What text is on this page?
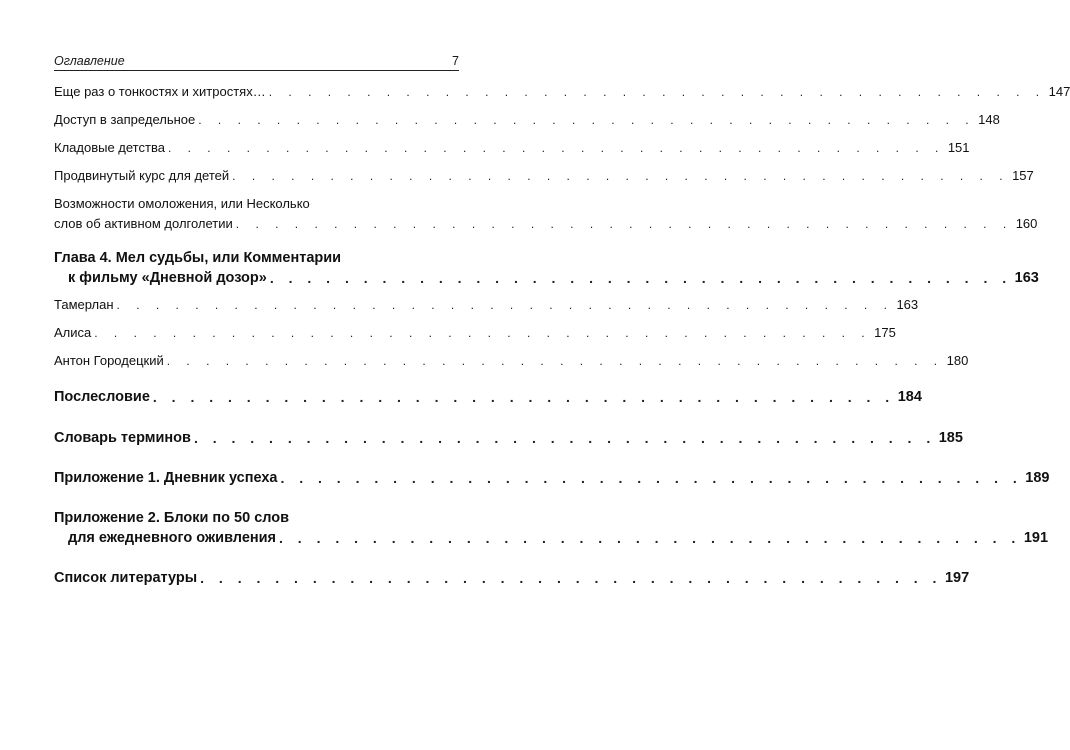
Оглавление	7
Еще раз о тонкостях и хитростях… . . . . . . . . . . . . . . . . . . . . . . . . . . . . . . . . . . . . . . . . 147
Доступ в запредельное . . . . . . . . . . . . . . . . . . . . . . . . . . . . . . . . . . . . . . . . 148
Кладовые детства . . . . . . . . . . . . . . . . . . . . . . . . . . . . . . . . . . . . . . . . 151
Продвинутый курс для детей . . . . . . . . . . . . . . . . . . . . . . . . . . . . . . . . . . . . . . . . 157
Возможности омоложения, или Несколько
слов об активном долголетии . . . . . . . . . . . . . . . . . . . . . . . . . . . . . . . . . . . . . . . . 160
Глава 4. Мел судьбы, или Комментарии
к фильму «Дневной дозор» . . . . . . . . . . . . . . . . . . . . . . . . . . . . . . . . . . . . . . . . 163
Тамерлан . . . . . . . . . . . . . . . . . . . . . . . . . . . . . . . . . . . . . . . . 163
Алиса . . . . . . . . . . . . . . . . . . . . . . . . . . . . . . . . . . . . . . . . 175
Антон Городецкий . . . . . . . . . . . . . . . . . . . . . . . . . . . . . . . . . . . . . . . . 180
Послесловие . . . . . . . . . . . . . . . . . . . . . . . . . . . . . . . . . . . . . . . . 184
Словарь терминов . . . . . . . . . . . . . . . . . . . . . . . . . . . . . . . . . . . . . . . . 185
Приложение 1. Дневник успеха . . . . . . . . . . . . . . . . . . . . . . . . . . . . . . . . . . . . . . . . 189
Приложение 2. Блоки по 50 слов
для ежедневного оживления . . . . . . . . . . . . . . . . . . . . . . . . . . . . . . . . . . . . . . . . 191
Список литературы . . . . . . . . . . . . . . . . . . . . . . . . . . . . . . . . . . . . . . . . 197
